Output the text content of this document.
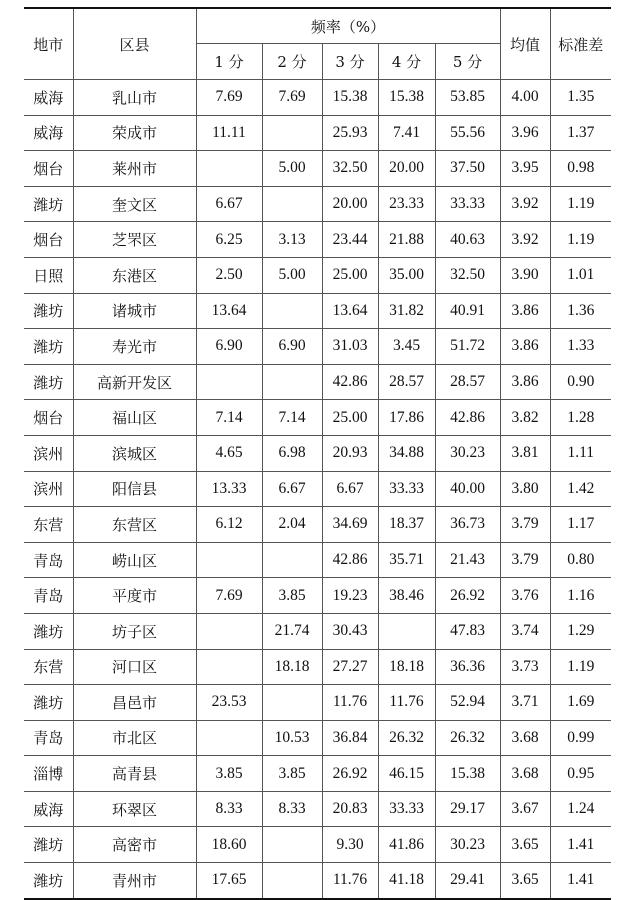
地市	区县	频率（%）					均值	标准差
		1 分	2 分	3 分	4 分	5 分		
威海	乳山市	7.69	7.69	15.38	15.38	53.85	4.00	1.35
威海	荣成市	11.11		25.93	7.41	55.56	3.96	1.37
烟台	莱州市		5.00	32.50	20.00	37.50	3.95	0.98
潍坊	奎文区	6.67		20.00	23.33	33.33	3.92	1.19
烟台	芝罘区	6.25	3.13	23.44	21.88	40.63	3.92	1.19
日照	东港区	2.50	5.00	25.00	35.00	32.50	3.90	1.01
潍坊	诸城市	13.64		13.64	31.82	40.91	3.86	1.36
潍坊	寿光市	6.90	6.90	31.03	3.45	51.72	3.86	1.33
潍坊	高新开发区			42.86	28.57	28.57	3.86	0.90
烟台	福山区	7.14	7.14	25.00	17.86	42.86	3.82	1.28
滨州	滨城区	4.65	6.98	20.93	34.88	30.23	3.81	1.11
滨州	阳信县	13.33	6.67	6.67	33.33	40.00	3.80	1.42
东营	东营区	6.12	2.04	34.69	18.37	36.73	3.79	1.17
青岛	崂山区			42.86	35.71	21.43	3.79	0.80
青岛	平度市	7.69	3.85	19.23	38.46	26.92	3.76	1.16
潍坊	坊子区		21.74	30.43		47.83	3.74	1.29
东营	河口区		18.18	27.27	18.18	36.36	3.73	1.19
潍坊	昌邑市	23.53		11.76	11.76	52.94	3.71	1.69
青岛	市北区		10.53	36.84	26.32	26.32	3.68	0.99
淄博	高青县	3.85	3.85	26.92	46.15	15.38	3.68	0.95
威海	环翠区	8.33	8.33	20.83	33.33	29.17	3.67	1.24
潍坊	高密市	18.60		9.30	41.86	30.23	3.65	1.41
潍坊	青州市	17.65		11.76	41.18	29.41	3.65	1.41
